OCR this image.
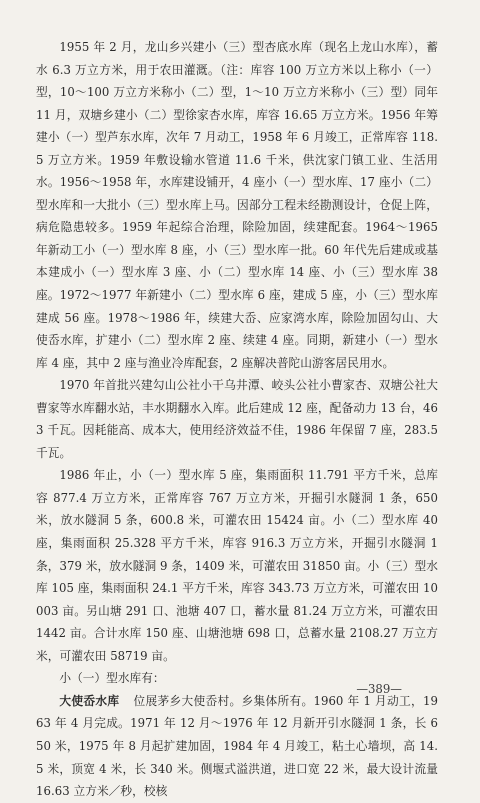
1955 年 2 月，龙山乡兴建小（三）型杏底水库（现名上龙山水库），蓄水 6.3 万立方米，用于农田灌溉。（注：库容 100 万立方米以上称小（一）型，10～100 万立方米称小（二）型，1～10 万立方米称小（三）型）同年 11 月，双塘乡建小（二）型徐家杏水库，库容 16.65 万立方米。1956 年筹建小（一）型芦东水库，次年 7 月动工，1958 年 6 月竣工，正常库容 118.5 万立方米。1959 年敷设输水管道 11.6 千米，供沈家门镇工业、生活用水。1956～1958 年，水库建设铺开，4 座小（一）型水库、17 座小（二）型水库和一大批小（三）型水库上马。因部分工程未经勘测设计，仓促上阵，病危隐患较多。1959 年起综合治理，除险加固，续建配套。1964～1965 年新动工小（一）型水库 8 座，小（三）型水库一批。60 年代先后建成或基本建成小（一）型水库 3 座、小（二）型水库 14 座、小（三）型水库 38 座。1972～1977 年新建小（二）型水库 6 座，建成 5 座，小（三）型水库建成 56 座。1978～1986 年，续建大岙、应家湾水库，除险加固勾山、大使岙水库，扩建小（二）型水库 2 座、续建 4 座。同期，新建小（一）型水库 4 座，其中 2 座与渔业冷库配套，2 座解决普陀山游客居民用水。

1970 年首批兴建勾山公社小干乌井潭、峧头公社小曹家杏、双塘公社大曹家等水库翻水站，丰水期翻水入库。此后建成 12 座，配备动力 13 台，463 千瓦。因耗能高、成本大，使用经济效益不佳，1986 年保留 7 座，283.5 千瓦。

1986 年止，小（一）型水库 5 座，集雨面积 11.791 平方千米，总库容 877.4 万立方米，正常库容 767 万立方米，开掘引水隧洞 1 条，650 米，放水隧洞 5 条，600.8 米，可灌农田 15424 亩。小（二）型水库 40 座，集雨面积 25.328 平方千米，库容 916.3 万立方米，开掘引水隧洞 1 条，379 米，放水隧洞 9 条，1409 米，可灌农田 31850 亩。小（三）型水库 105 座，集雨面积 24.1 平方千米，库容 343.73 万立方米，可灌农田 10003 亩。另山塘 291 口、池塘 407 口，蓄水量 81.24 万立方米，可灌农田 1442 亩。合计水库 150 座、山塘池塘 698 口，总蓄水量 2108.27 万立方米，可灌农田 58719 亩。

小（一）型水库有：

大使岙水库 位展茅乡大使岙村。乡集体所有。1960 年 1 月动工，1963 年 4 月完成。1971 年 12 月～1976 年 12 月新开引水隧洞 1 条，长 650 米，1975 年 8 月起扩建加固，1984 年 4 月竣工，粘土心墙坝，高 14.5 米，顶宽 4 米，长 340 米。侧堰式溢洪道，进口宽 22 米，最大设计流量 16.63 立方米／秒，校核

—389—
